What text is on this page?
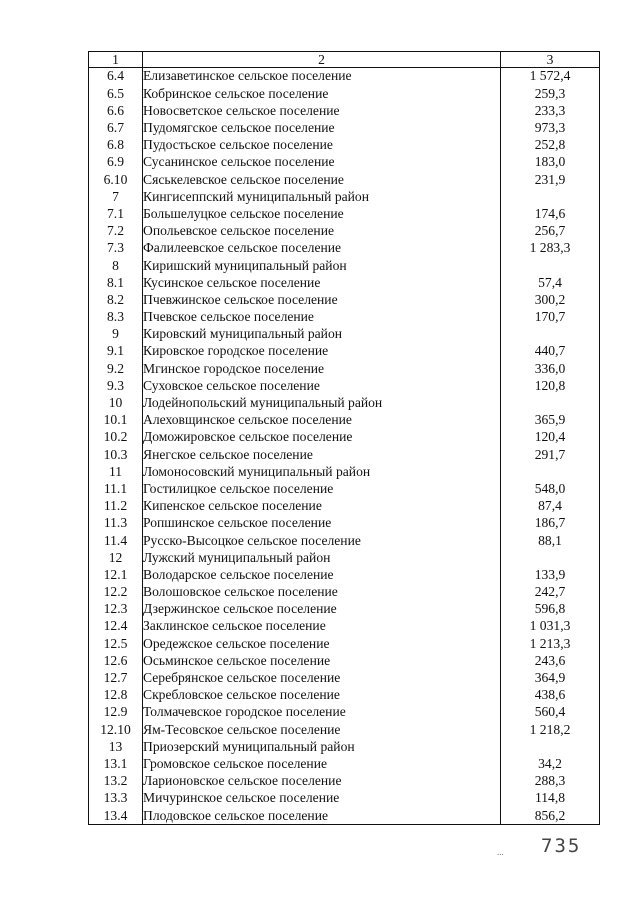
1	2	3
6.4	Елизаветинское сельское поселение	1 572,4
6.5	Кобринское сельское поселение	259,3
6.6	Новосветское сельское поселение	233,3
6.7	Пудомягское сельское поселение	973,3
6.8	Пудостьское сельское поселение	252,8
6.9	Сусанинское сельское поселение	183,0
6.10	Сяськелевское сельское поселение	231,9
7	Кингисеппский муниципальный район	
7.1	Большелуцкое сельское поселение	174,6
7.2	Опольевское сельское поселение	256,7
7.3	Фалилеевское сельское поселение	1 283,3
8	Киришский муниципальный район	
8.1	Кусинское сельское поселение	57,4
8.2	Пчевжинское сельское поселение	300,2
8.3	Пчевское сельское поселение	170,7
9	Кировский муниципальный район	
9.1	Кировское городское поселение	440,7
9.2	Мгинское городское поселение	336,0
9.3	Суховское сельское поселение	120,8
10	Лодейнопольский муниципальный район	
10.1	Алеховщинское сельское поселение	365,9
10.2	Доможировское сельское поселение	120,4
10.3	Янегское сельское поселение	291,7
11	Ломоносовский муниципальный район	
11.1	Гостилицкое сельское поселение	548,0
11.2	Кипенское сельское поселение	87,4
11.3	Ропшинское сельское поселение	186,7
11.4	Русско-Высоцкое сельское поселение	88,1
12	Лужский муниципальный район	
12.1	Володарское сельское поселение	133,9
12.2	Волошовское сельское поселение	242,7
12.3	Дзержинское сельское поселение	596,8
12.4	Заклинское сельское поселение	1 031,3
12.5	Оредежское сельское поселение	1 213,3
12.6	Осьминское сельское поселение	243,6
12.7	Серебрянское сельское поселение	364,9
12.8	Скребловское сельское поселение	438,6
12.9	Толмачевское городское поселение	560,4
12.10	Ям-Тесовское сельское поселение	1 218,2
13	Приозерский муниципальный район	
13.1	Громовское сельское поселение	34,2
13.2	Ларионовское сельское поселение	288,3
13.3	Мичуринское сельское поселение	114,8
13.4	Плодовское сельское поселение	856,2
... 735
